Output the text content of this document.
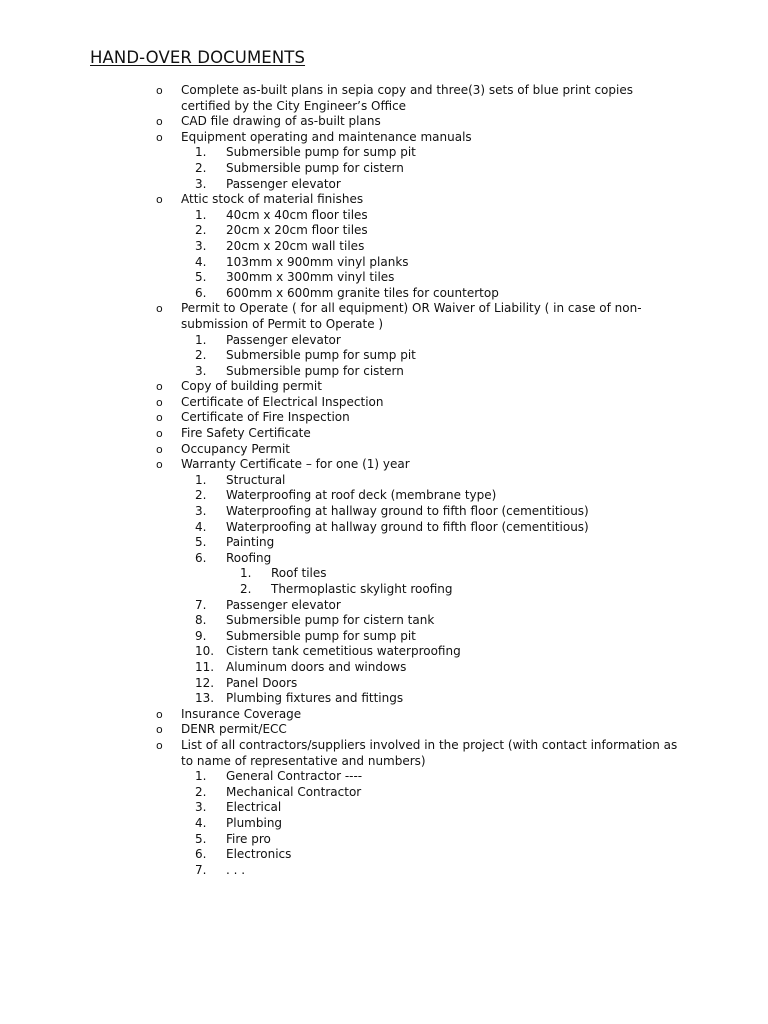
HAND-OVER DOCUMENTS
o Complete as-built plans in sepia copy and three(3) sets of blue print copies certified by the City Engineer’s Office
o CAD file drawing of as-built plans
o Equipment operating and maintenance manuals
1.	Submersible pump for sump pit
2.	Submersible pump for cistern
3.	Passenger elevator
o Attic stock of material finishes
1.	40cm x 40cm floor tiles
2.	20cm x 20cm floor tiles
3.	20cm x 20cm wall tiles
4.	103mm x 900mm vinyl planks
5.	300mm x 300mm vinyl tiles
6.	600mm x 600mm granite tiles for countertop
o Permit to Operate ( for all equipment) OR Waiver of Liability ( in case of non-submission of Permit to Operate )
1.	Passenger elevator
2.	Submersible pump for sump pit
3.	Submersible pump for cistern
o Copy of building permit
o Certificate of Electrical Inspection
o Certificate of Fire Inspection
o Fire Safety Certificate
o Occupancy Permit
o Warranty Certificate – for one (1) year
1.	Structural
2.	Waterproofing at roof deck (membrane type)
3.	Waterproofing at hallway ground to fifth floor (cementitious)
4.	Waterproofing at hallway ground to fifth floor (cementitious)
5.	Painting
6.	Roofing
1. Roof tiles
2. Thermoplastic skylight roofing
7.	Passenger elevator
8.	Submersible pump for cistern tank
9.	Submersible pump for sump pit
10. Cistern tank cemetitious waterproofing
11. Aluminum doors and windows
12. Panel Doors
13. Plumbing fixtures and fittings
o Insurance Coverage
o DENR permit/ECC
o List of all contractors/suppliers involved in the project (with contact information as to name of representative and numbers)
1.	General Contractor ----
2.	Mechanical Contractor
3.	Electrical
4.	Plumbing
5.	Fire pro
6.	Electronics
7.	. . .
